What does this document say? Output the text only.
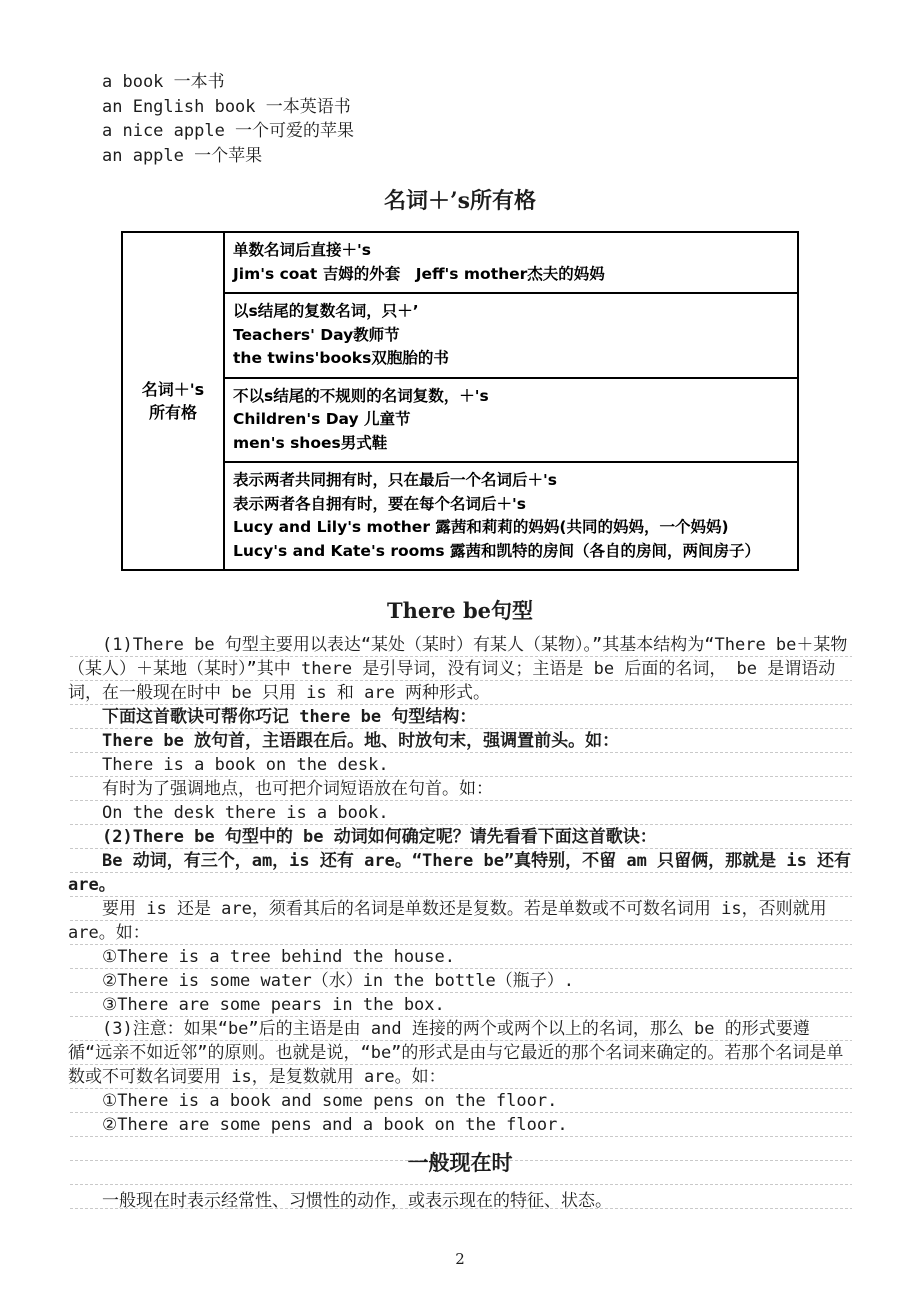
a book 一本书
an English book 一本英语书
a nice apple 一个可爱的苹果
an apple 一个苹果
名词＋’s所有格
名词＋'s
所有格

单数名词后直接＋'s
Jim's coat 吉姆的外套　Jeff's mother杰夫的妈妈

以s结尾的复数名词，只＋’
Teachers' Day教师节
the twins'books双胞胎的书

不以s结尾的不规则的名词复数，＋'s
Children's Day 儿童节
men's shoes男式鞋

表示两者共同拥有时，只在最后一个名词后＋'s
表示两者各自拥有时，要在每个名词后＋'s
Lucy and Lily's mother 露茜和莉莉的妈妈(共同的妈妈，一个妈妈)
Lucy's and Kate's rooms 露茜和凯特的房间（各自的房间，两间房子）
There be句型

(1)There be 句型主要用以表达“某处（某时）有某人（某物）。”其基本结构为“There be＋某物（某人）＋某地（某时）”其中 there 是引导词，没有词义；主语是 be 后面的名词， be 是谓语动词，在一般现在时中 be 只用 is 和 are 两种形式。

下面这首歌诀可帮你巧记 there be 句型结构：

There be 放句首，主语跟在后。地、时放句末，强调置前头。如：

There is a book on the desk.

有时为了强调地点，也可把介词短语放在句首。如：

On the desk there is a book.

(2)There be 句型中的 be 动词如何确定呢？请先看看下面这首歌诀：

Be 动词，有三个，am，is 还有 are。“There be”真特别，不留 am 只留俩，那就是 is 还有 are。

要用 is 还是 are，须看其后的名词是单数还是复数。若是单数或不可数名词用 is，否则就用 are。如：

①There is a tree behind the house.

②There is some water（水）in the bottle（瓶子）.

③There are some pears in the box.

(3)注意：如果“be”后的主语是由 and 连接的两个或两个以上的名词，那么 be 的形式要遵循“远亲不如近邻”的原则。也就是说，“be”的形式是由与它最近的那个名词来确定的。若那个名词是单数或不可数名词要用 is，是复数就用 are。如：

①There is a book and some pens on the floor.

②There are some pens and a book on the floor.

一般现在时

一般现在时表示经常性、习惯性的动作，或表示现在的特征、状态。

2
